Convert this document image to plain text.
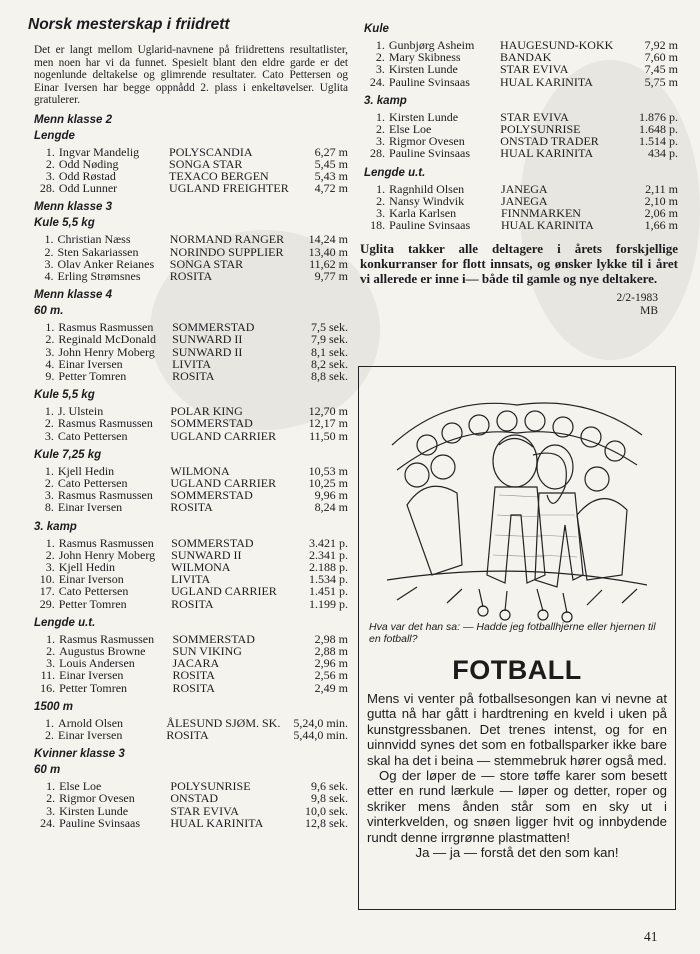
Norsk mesterskap i friidrett

Det er langt mellom Uglarid-navnene på friidrettens resultatlister, men noen har vi da funnet. Spesielt blant den eldre garde er det nogenlunde deltakelse og glimrende resultater. Cato Pettersen og Einar Iversen har begge oppnådd 2. plass i enkeltøvelser. Uglita gratulerer.

Menn klasse 2
Lengde
1.	Ingvar Mandelig	POLYSCANDIA	6,27 m
2.	Odd Nøding	SONGA STAR	5,45 m
3.	Odd Røstad	TEXACO BERGEN	5,43 m
28.	Odd Lunner	UGLAND FREIGHTER	4,72 m
Menn klasse 3
Kule 5,5 kg
1.	Christian Næss	NORMAND RANGER	14,24 m
2.	Sten Sakariassen	NORINDO SUPPLIER	13,40 m
3.	Olav Anker Reianes	SONGA STAR	11,62 m
4.	Erling Strømsnes	ROSITA	9,77 m
Menn klasse 4
60 m.
1.	Rasmus Rasmussen	SOMMERSTAD	7,5 sek.
2.	Reginald McDonald	SUNWARD II	7,9 sek.
3.	John Henry Moberg	SUNWARD II	8,1 sek.
4.	Einar Iversen	LIVITA	8,2 sek.
9.	Petter Tomren	ROSITA	8,8 sek.
Kule 5,5 kg
1.	J. Ulstein	POLAR KING	12,70 m
2.	Rasmus Rasmussen	SOMMERSTAD	12,17 m
3.	Cato Pettersen	UGLAND CARRIER	11,50 m
Kule 7,25 kg
1.	Kjell Hedin	WILMONA	10,53 m
2.	Cato Pettersen	UGLAND CARRIER	10,25 m
3.	Rasmus Rasmussen	SOMMERSTAD	9,96 m
8.	Einar Iversen	ROSITA	8,24 m
3. kamp
1.	Rasmus Rasmussen	SOMMERSTAD	3.421 p.
2.	John Henry Moberg	SUNWARD II	2.341 p.
3.	Kjell Hedin	WILMONA	2.188 p.
10.	Einar Iverson	LIVITA	1.534 p.
17.	Cato Pettersen	UGLAND CARRIER	1.451 p.
29.	Petter Tomren	ROSITA	1.199 p.
Lengde u.t.
1.	Rasmus Rasmussen	SOMMERSTAD	2,98 m
2.	Augustus Browne	SUN VIKING	2,88 m
3.	Louis Andersen	JACARA	2,96 m
11.	Einar Iversen	ROSITA	2,56 m
16.	Petter Tomren	ROSITA	2,49 m
1500 m
1.	Arnold Olsen	ÅLESUND SJØM. SK.	5,24,0 min.
2.	Einar Iversen	ROSITA	5,44,0 min.
Kvinner klasse 3
60 m
1.	Else Loe	POLYSUNRISE	9,6 sek.
2.	Rigmor Ovesen	ONSTAD	9,8 sek.
3.	Kirsten Lunde	STAR EVIVA	10,0 sek.
24.	Pauline Svinsaas	HUAL KARINITA	12,8 sek.
Kule
1.	Gunbjørg Asheim	HAUGESUND-KOKK	7,92 m
2.	Mary Skibness	BANDAK	7,60 m
3.	Kirsten Lunde	STAR EVIVA	7,45 m
24.	Pauline Svinsaas	HUAL KARINITA	5,75 m
3. kamp
1.	Kirsten Lunde	STAR EVIVA	1.876 p.
2.	Else Loe	POLYSUNRISE	1.648 p.
3.	Rigmor Ovesen	ONSTAD TRADER	1.514 p.
28.	Pauline Svinsaas	HUAL KARINITA	434 p.
Lengde u.t.
1.	Ragnhild Olsen	JANEGA	2,11 m
2.	Nansy Windvik	JANEGA	2,10 m
3.	Karla Karlsen	FINNMARKEN	2,06 m
18.	Pauline Svinsaas	HUAL KARINITA	1,66 m

Uglita takker alle deltagere i årets forskjellige konkurranser for flott innsats, og ønsker lykke til i året vi allerede er inne i— både til gamle og nye deltakere.

2/2-1983
MB
Hva var det han sa: — Hadde jeg fotballhjerne eller hjernen til en fotball?
FOTBALL

Mens vi venter på fotballsesongen kan vi nevne at gutta nå har gått i hardtrening en kveld i uken på kunstgressbanen. Det trenes intenst, og for en uinnvidd synes det som en fotballsparker ikke bare skal ha det i beina — stemmebruk hører også med.

Og der løper de — store tøffe karer som besett etter en rund lærkule — løper og detter, roper og skriker mens ånden står som en sky ut i vinterkvelden, og snøen ligger hvit og innbydende rundt denne irrgrønne plastmatten!

Ja — ja — forstå det den som kan!

41
